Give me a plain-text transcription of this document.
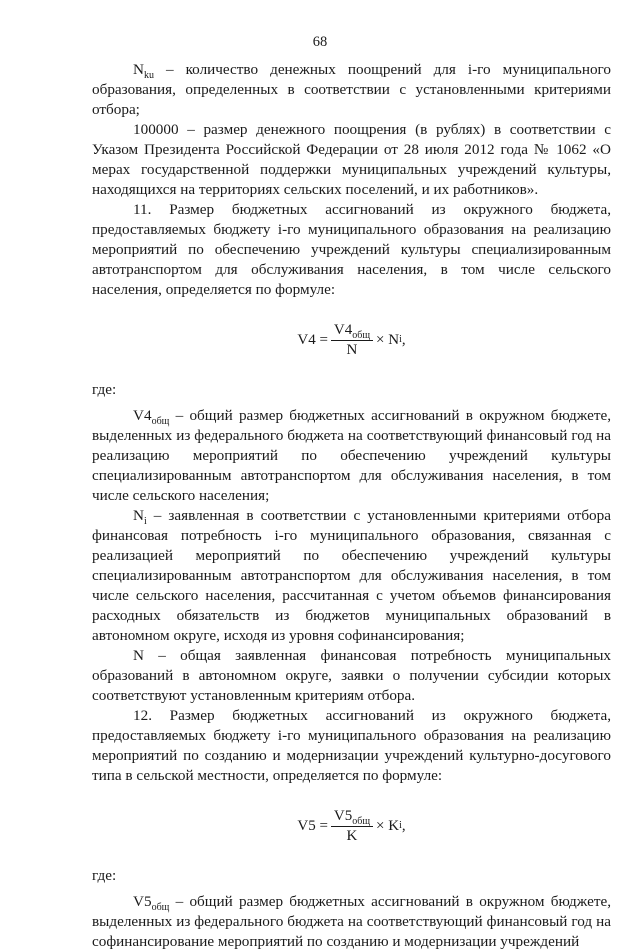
68

$N_{ku}$ – количество денежных поощрений для i-го муниципального образования, определенных в соответствии с установленными критериями отбора;

100000 – размер денежного поощрения (в рублях) в соответствии с Указом Президента Российской Федерации от 28 июля 2012 года № 1062 «О мерах государственной поддержки муниципальных учреждений культуры, находящихся на территориях сельских поселений, и их работников».

11. Размер бюджетных ассигнований из окружного бюджета, предоставляемых бюджету i-го муниципального образования на реализацию мероприятий по обеспечению учреждений культуры специализированным автотранспортом для обслуживания населения, в том числе сельского населения, определяется по формуле:

$V4 = \frac{V4_{общ}}{N} \times N$ i ,

где:

$V4_{общ}$ – общий размер бюджетных ассигнований в окружном бюджете, выделенных из федерального бюджета на соответствующий финансовый год на реализацию мероприятий по обеспечению учреждений культуры специализированным автотранспортом для обслуживания населения, в том числе сельского населения;

$N_i$ – заявленная в соответствии с установленными критериями отбора финансовая потребность i-го муниципального образования, связанная с реализацией мероприятий по обеспечению учреждений культуры специализированным автотранспортом для обслуживания населения, в том числе сельского населения, рассчитанная с учетом объемов финансирования расходных обязательств из бюджетов муниципальных образований в автономном округе, исходя из уровня софинансирования;

N – общая заявленная финансовая потребность муниципальных образований в автономном округе, заявки о получении субсидии которых соответствуют установленным критериям отбора.

12. Размер бюджетных ассигнований из окружного бюджета, предоставляемых бюджету i-го муниципального образования на реализацию мероприятий по созданию и модернизации учреждений культурно-досугового типа в сельской местности, определяется по формуле:

$V5 = \frac{V5_{общ}}{K} \times K$ i ,

где:

$V5_{общ}$ – общий размер бюджетных ассигнований в окружном бюджете, выделенных из федерального бюджета на соответствующий финансовый год на софинансирование мероприятий по созданию и модернизации учреждений
